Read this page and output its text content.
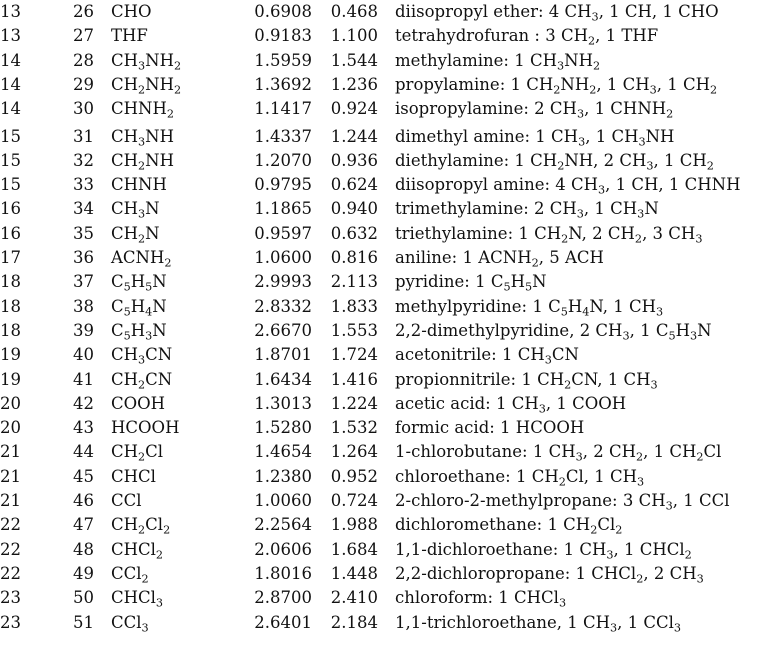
13	26 CHO	0.6908	0.468 diisopropyl ether: 4 $CH_3$, 1 CH, 1 CHO
13	27 THF	0.9183	1.100 tetrahydrofuran : 3 $CH_2$, 1 THF
14	28 $CH_3NH_2$	1.5959	1.544 methylamine: 1 $CH_3NH_2$
14	29 $CH_2NH_2$	1.3692	1.236 propylamine: 1 $CH_2NH_2$, 1 $CH_3$, 1 $CH_2$
14	30 $CHNH_2$	1.1417	0.924 isopropylamine: 2 $CH_3$, 1 $CHNH_2$
15	31 $CH_3NH$	1.4337	1.244 dimethyl amine: 1 $CH_3$, 1 $CH_3NH$
15	32 $CH_2NH$	1.2070	0.936 diethylamine: 1 $CH_2NH$, 2 $CH_3$, 1 $CH_2$
15	33 CHNH	0.9795	0.624 diisopropyl amine: 4 $CH_3$, 1 CH, 1 CHNH
16	34 $CH_3N$	1.1865	0.940 trimethylamine: 2 $CH_3$, 1 $CH_3N$
16	35 $CH_2N$	0.9597	0.632 triethylamine: 1 $CH_2N$, 2 $CH_2$, 3 $CH_3$
17	36 $ACNH_2$	1.0600	0.816 aniline: 1 $ACNH_2$, 5 ACH
18	37 $C_5H_5N$	2.9993	2.113 pyridine: 1 $C_5H_5N$
18	38 $C_5H_4N$	2.8332	1.833 methylpyridine: 1 $C_5H_4N$, 1 $CH_3$
18	39 $C_5H_3N$	2.6670	1.553 2,2-dimethylpyridine, 2 $CH_3$, 1 $C_5H_3N$
19	40 $CH_3CN$	1.8701	1.724 acetonitrile: 1 $CH_3CN$
19	41 $CH_2CN$	1.6434	1.416 propionnitrile: 1 $CH_2CN$, 1 $CH_3$
20	42 COOH	1.3013	1.224 acetic acid: 1 $CH_3$, 1 COOH
20	43 HCOOH	1.5280	1.532 formic acid: 1 HCOOH
21	44 $CH_2Cl$	1.4654	1.264 1-chlorobutane: 1 $CH_3$, 2 $CH_2$, 1 $CH_2Cl$
21	45 CHCl	1.2380	0.952 chloroethane: 1 $CH_2Cl$, 1 $CH_3$
21	46 CCl	1.0060	0.724 2-chloro-2-methylpropane: 3 $CH_3$, 1 CCl
22	47 $CH_2Cl_2$	2.2564	1.988 dichloromethane: 1 $CH_2Cl_2$
22	48 CHCl$_2$	2.0606	1.684 1,1-dichloroethane: 1 $CH_3$, 1 CHCl$_2$
22	49 CCl$_2$	1.8016	1.448 2,2-dichloropropane: 1 CHCl$_2$, 2 $CH_3$
23	50 CHCl$_3$	2.8700	2.410 chloroform: 1 CHCl$_3$
23	51 CCl$_3$	2.6401	2.184 1,1-trichloroethane, 1 $CH_3$, 1 CCl$_3$
